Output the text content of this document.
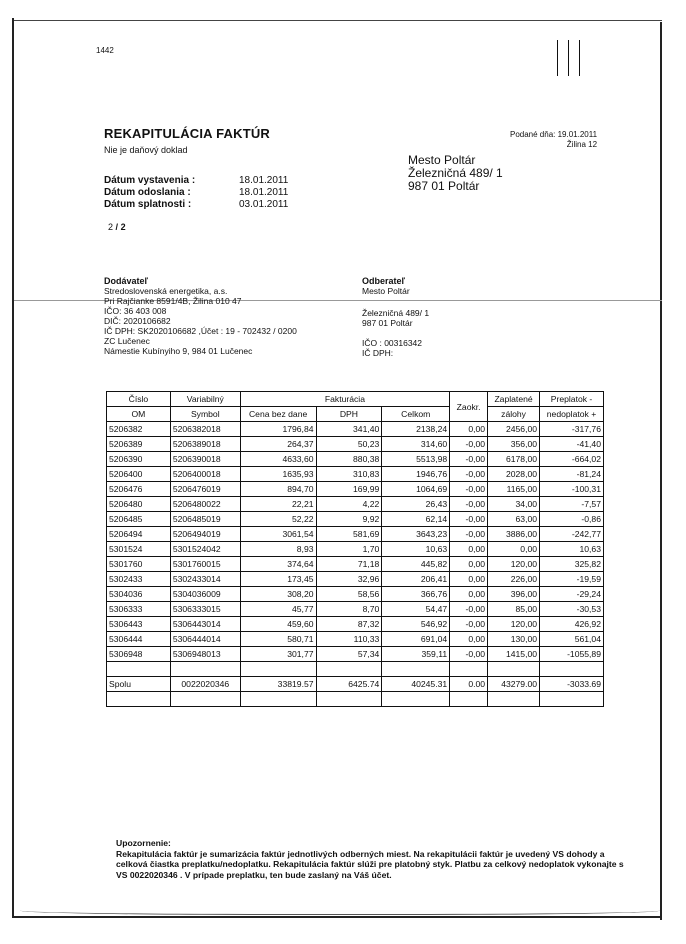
1442
REKAPITULÁCIA FAKTÚR
Nie je daňový doklad
Podané dňa: 19.01.2011
Žilina 12
Mesto Poltár
Železničná 489/ 1
987 01 Poltár
Dátum vystavenia :	18.01.2011
Dátum odoslania :	18.01.2011
Dátum splatnosti :	03.01.2011
2 / 2
Dodávateľ
Stredoslovenská energetika, a.s.
Pri Rajčianke 8591/4B, Žilina 010 47
IČO: 36 403 008
DIČ: 2020106682
IČ DPH: SK2020106682 ,Účet : 19 - 702432 / 0200
ZC Lučenec
Námestie Kubínyiho 9, 984 01 Lučenec
Odberateľ
Mesto Poltár
Železničná 489/ 1
987 01 Poltár
IČO : 00316342
IČ DPH:
Číslo	Variabilný	Fakturácia			Zaokr.	Zaplatené	Preplatok -
OM	Symbol	Cena bez dane	DPH	Celkom		zálohy	nedoplatok +
5206382	5206382018	1796,84	341,40	2138,24	0,00	2456,00	-317,76
5206389	5206389018	264,37	50,23	314,60	-0,00	356,00	-41,40
5206390	5206390018	4633,60	880,38	5513,98	-0,00	6178,00	-664,02
5206400	5206400018	1635,93	310,83	1946,76	-0,00	2028,00	-81,24
5206476	5206476019	894,70	169,99	1064,69	-0,00	1165,00	-100,31
5206480	5206480022	22,21	4,22	26,43	-0,00	34,00	-7,57
5206485	5206485019	52,22	9,92	62,14	-0,00	63,00	-0,86
5206494	5206494019	3061,54	581,69	3643,23	-0,00	3886,00	-242,77
5301524	5301524042	8,93	1,70	10,63	0,00	0,00	10,63
5301760	5301760015	374,64	71,18	445,82	0,00	120,00	325,82
5302433	5302433014	173,45	32,96	206,41	0,00	226,00	-19,59
5304036	5304036009	308,20	58,56	366,76	0,00	396,00	-29,24
5306333	5306333015	45,77	8,70	54,47	-0,00	85,00	-30,53
5306443	5306443014	459,60	87,32	546,92	-0,00	120,00	426,92
5306444	5306444014	580,71	110,33	691,04	0,00	130,00	561,04
5306948	5306948013	301,77	57,34	359,11	-0,00	1415,00	-1055,89

Spolu	0022020346	33819.57	6425.74	40245.31	0.00	43279.00	-3033.69

Upozornenie:
Rekapitulácia faktúr je sumarizácia faktúr jednotlivých odberných miest. Na rekapitulácii faktúr je uvedený VS dohody a celková čiastka preplatku/nedoplatku. Rekapitulácia faktúr slúži pre platobný styk. Platbu za celkový nedoplatok vykonajte s VS 0022020346 . V prípade preplatku, ten bude zaslaný na Váš účet.
